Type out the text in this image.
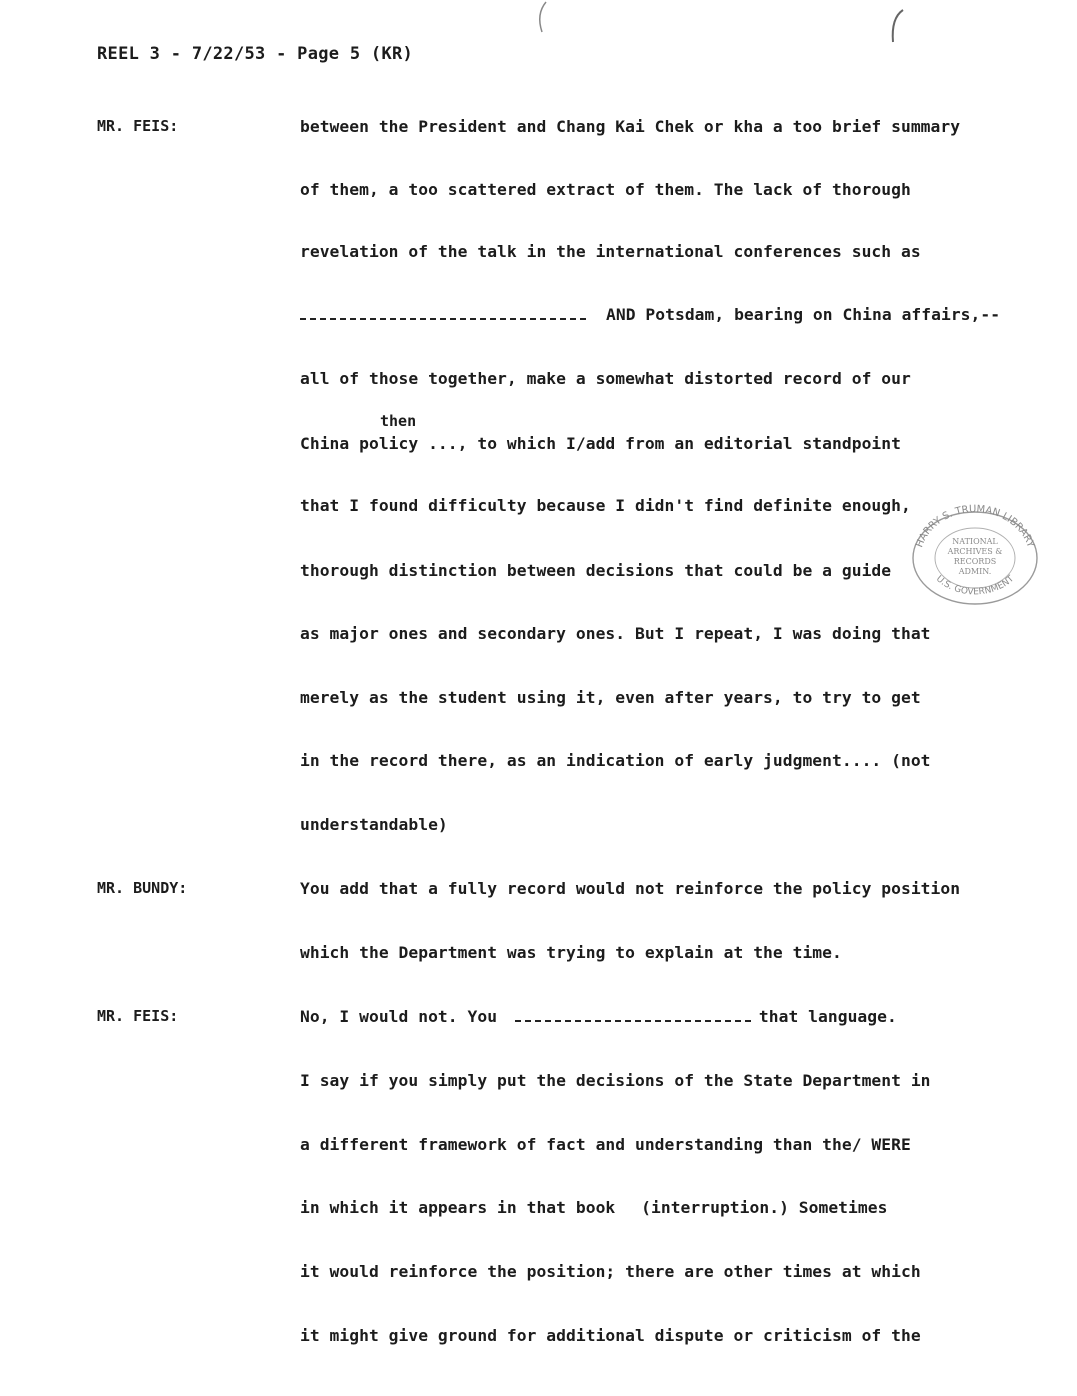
REEL 3 - 7/22/53 - Page 5 (KR)
MR. FEIS:
MR. BUNDY:
MR. FEIS:
between the President and Chang Kai Chek or kha a too brief summary
of them, a too scattered extract of them. The lack of thorough
revelation of the talk in the international conferences such as
AND Potsdam, bearing on China affairs,--
all of those together, make a somewhat distorted record of our
then
China policy ..., to which I/add from an editorial standpoint
that I found difficulty because I didn't find definite enough,
thorough distinction between decisions that could be a guide
as major ones and secondary ones. But I repeat, I was doing that
merely as the student using it, even after years, to try to get
in the record there, as an indication of early judgment.... (not
understandable)
You add that a fully record would not reinforce the policy position
which the Department was trying to explain at the time.
No, I would not. You	that language.
I say if you simply put the decisions of the State Department in
a different framework of fact and understanding than the/ WERE
in which it appears in that book (interruption.) Sometimes
it would reinforce the position; there are other times at which
it might give ground for additional dispute or criticism of the
HARRY S. TRUMAN LIBRARY
U.S. GOVERNMENT
NATIONAL
ARCHIVES &
RECORDS
ADMIN.
